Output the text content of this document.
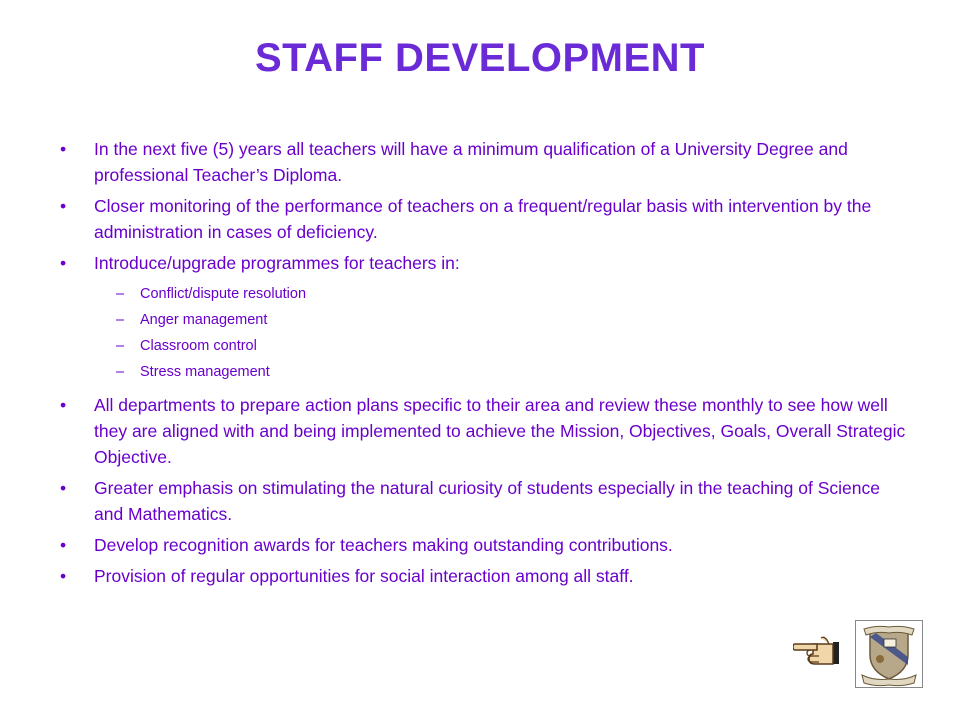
STAFF DEVELOPMENT
• In the next five (5) years all teachers will have a minimum qualification of a University Degree and professional Teacher’s Diploma.
• Closer monitoring of the performance of teachers on a frequent/regular basis with intervention by the administration in cases of deficiency.
• Introduce/upgrade programmes for teachers in:
– Conflict/dispute resolution
– Anger management
– Classroom control
– Stress management
• All departments to prepare action plans specific to their area and review these monthly to see how well they are aligned with and being implemented to achieve the Mission, Objectives, Goals, Overall Strategic Objective.
• Greater emphasis on stimulating the natural curiosity of students especially in the teaching of Science and Mathematics.
• Develop recognition awards for teachers making outstanding contributions.
• Provision of regular opportunities for social interaction among all staff.
